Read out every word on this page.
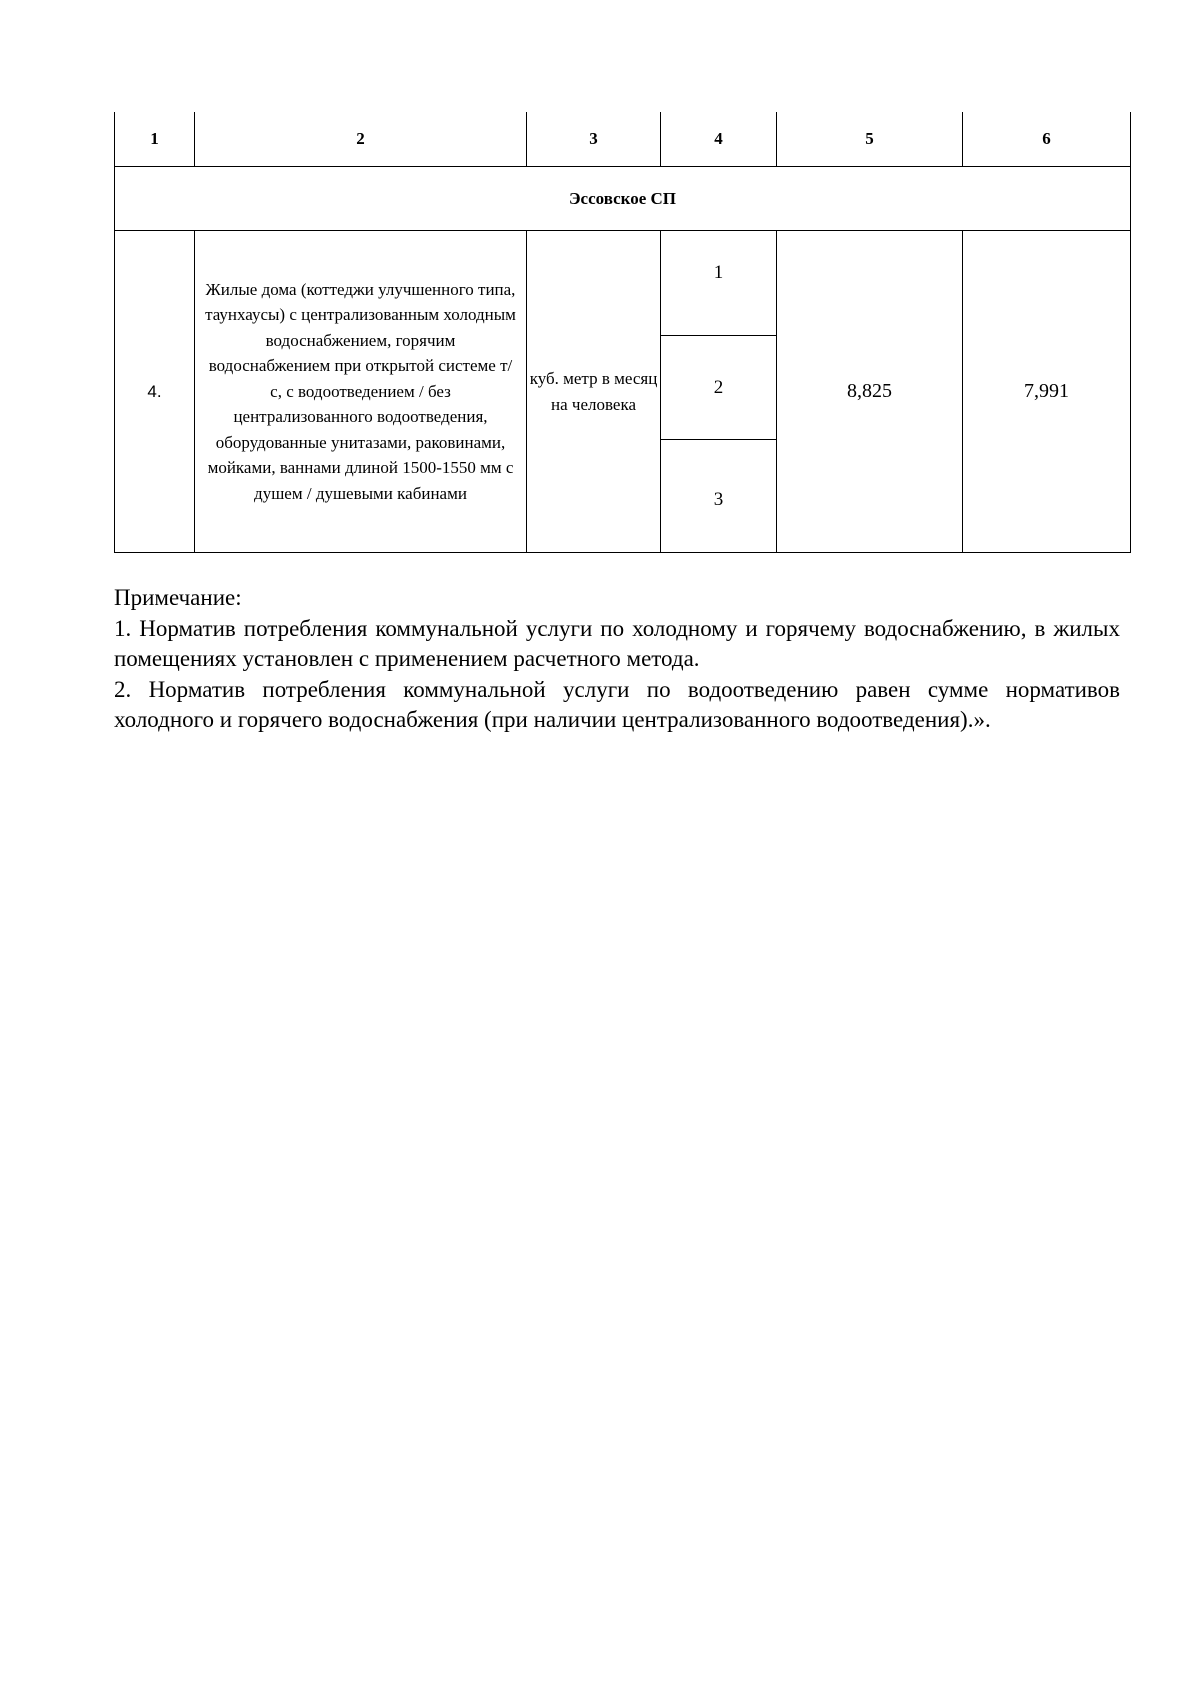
1	2	3	4	5	6
Эссовское СП					
4.	Жилые дома (коттеджи улучшенного типа, таунхаусы) с централизованным холодным водоснабжением, горячим водоснабжением при открытой системе т/с, с водоотведением / без централизованного водоотведения, оборудованные унитазами, раковинами, мойками, ваннами длиной 1500-1550 мм с душем / душевыми кабинами	куб. метр в месяц на человека	1	8,825	7,991

			2		

			3		

Примечание:

1. Норматив потребления коммунальной услуги по холодному и горячему водоснабжению, в жилых помещениях установлен с применением расчетного метода.

2. Норматив потребления коммунальной услуги по водоотведению равен сумме нормативов холодного и горячего водоснабжения (при наличии централизованного водоотведения).».
